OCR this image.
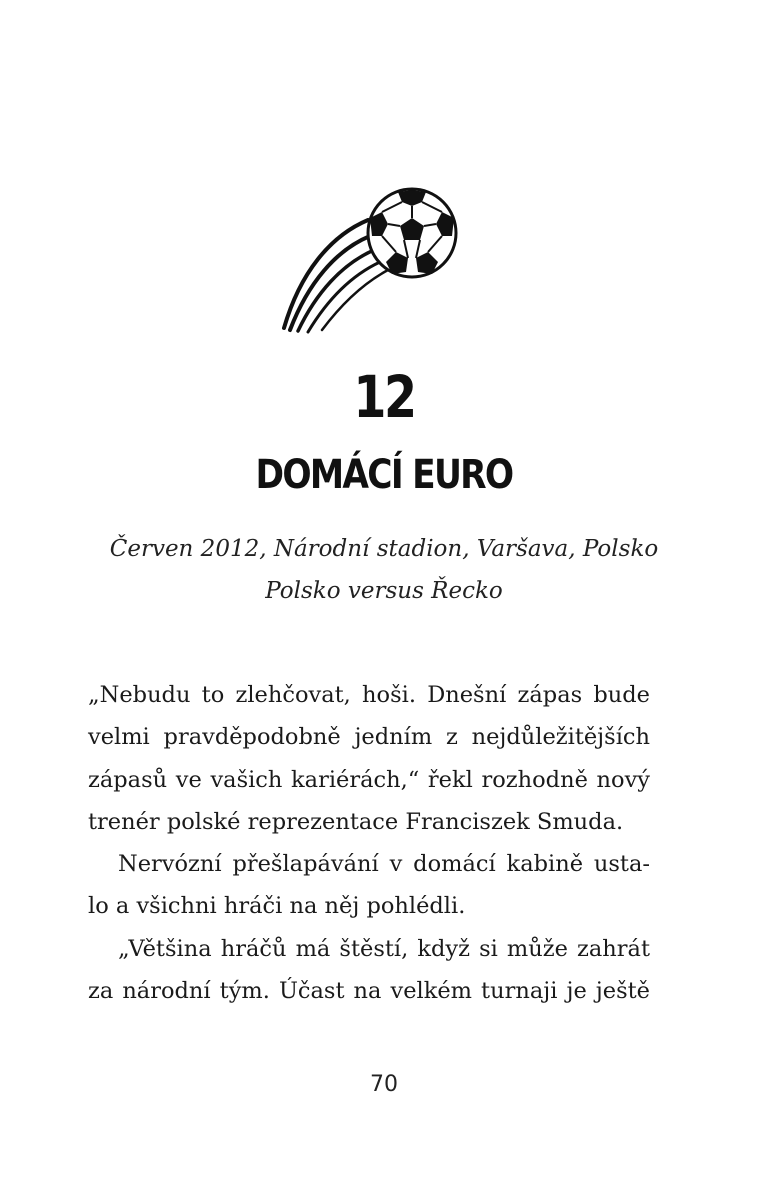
12
DOMÁCÍ EURO
Červen 2012, Národní stadion, Varšava, Polsko
Polsko versus Řecko

„Nebudu to zlehčovat, hoši. Dnešní zápas bude

velmi pravděpodobně jedním z nejdůležitějších

zápasů ve vašich kariérách,“ řekl rozhodně nový

trenér polské reprezentace Franciszek Smuda.

Nervózní přešlapávání v domácí kabině usta-

lo a všichni hráči na něj pohlédli.

„Většina hráčů má štěstí, když si může zahrát

za národní tým. Účast na velkém turnaji je ještě

70
